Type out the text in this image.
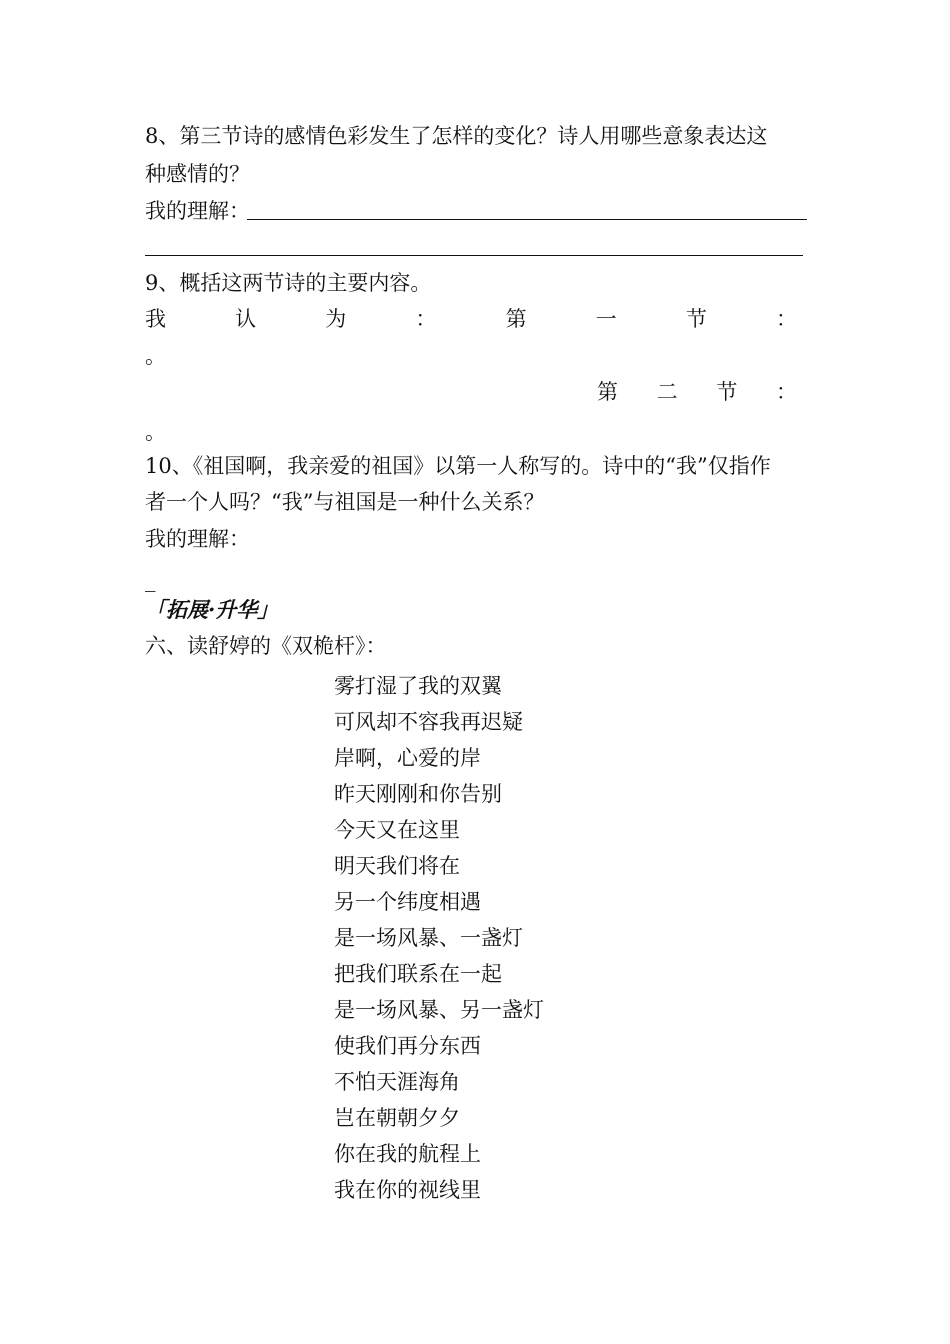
8、第三节诗的感情色彩发生了怎样的变化？诗人用哪些意象表达这
种感情的？
我的理解：
9、概括这两节诗的主要内容。
我	认	为	：	第	一	节	：
。
第 二 节 ：
。
10、《祖国啊，我亲爱的祖国》以第一人称写的。诗中的“我”仅指作
者一个人吗？“我”与祖国是一种什么关系？
我的理解：
_
「拓展·升华」
六、读舒婷的《双桅杆》：
雾打湿了我的双翼
可风却不容我再迟疑
岸啊，心爱的岸
昨天刚刚和你告别
今天又在这里
明天我们将在
另一个纬度相遇
是一场风暴、一盏灯
把我们联系在一起
是一场风暴、另一盏灯
使我们再分东西
不怕天涯海角
岂在朝朝夕夕
你在我的航程上
我在你的视线里
